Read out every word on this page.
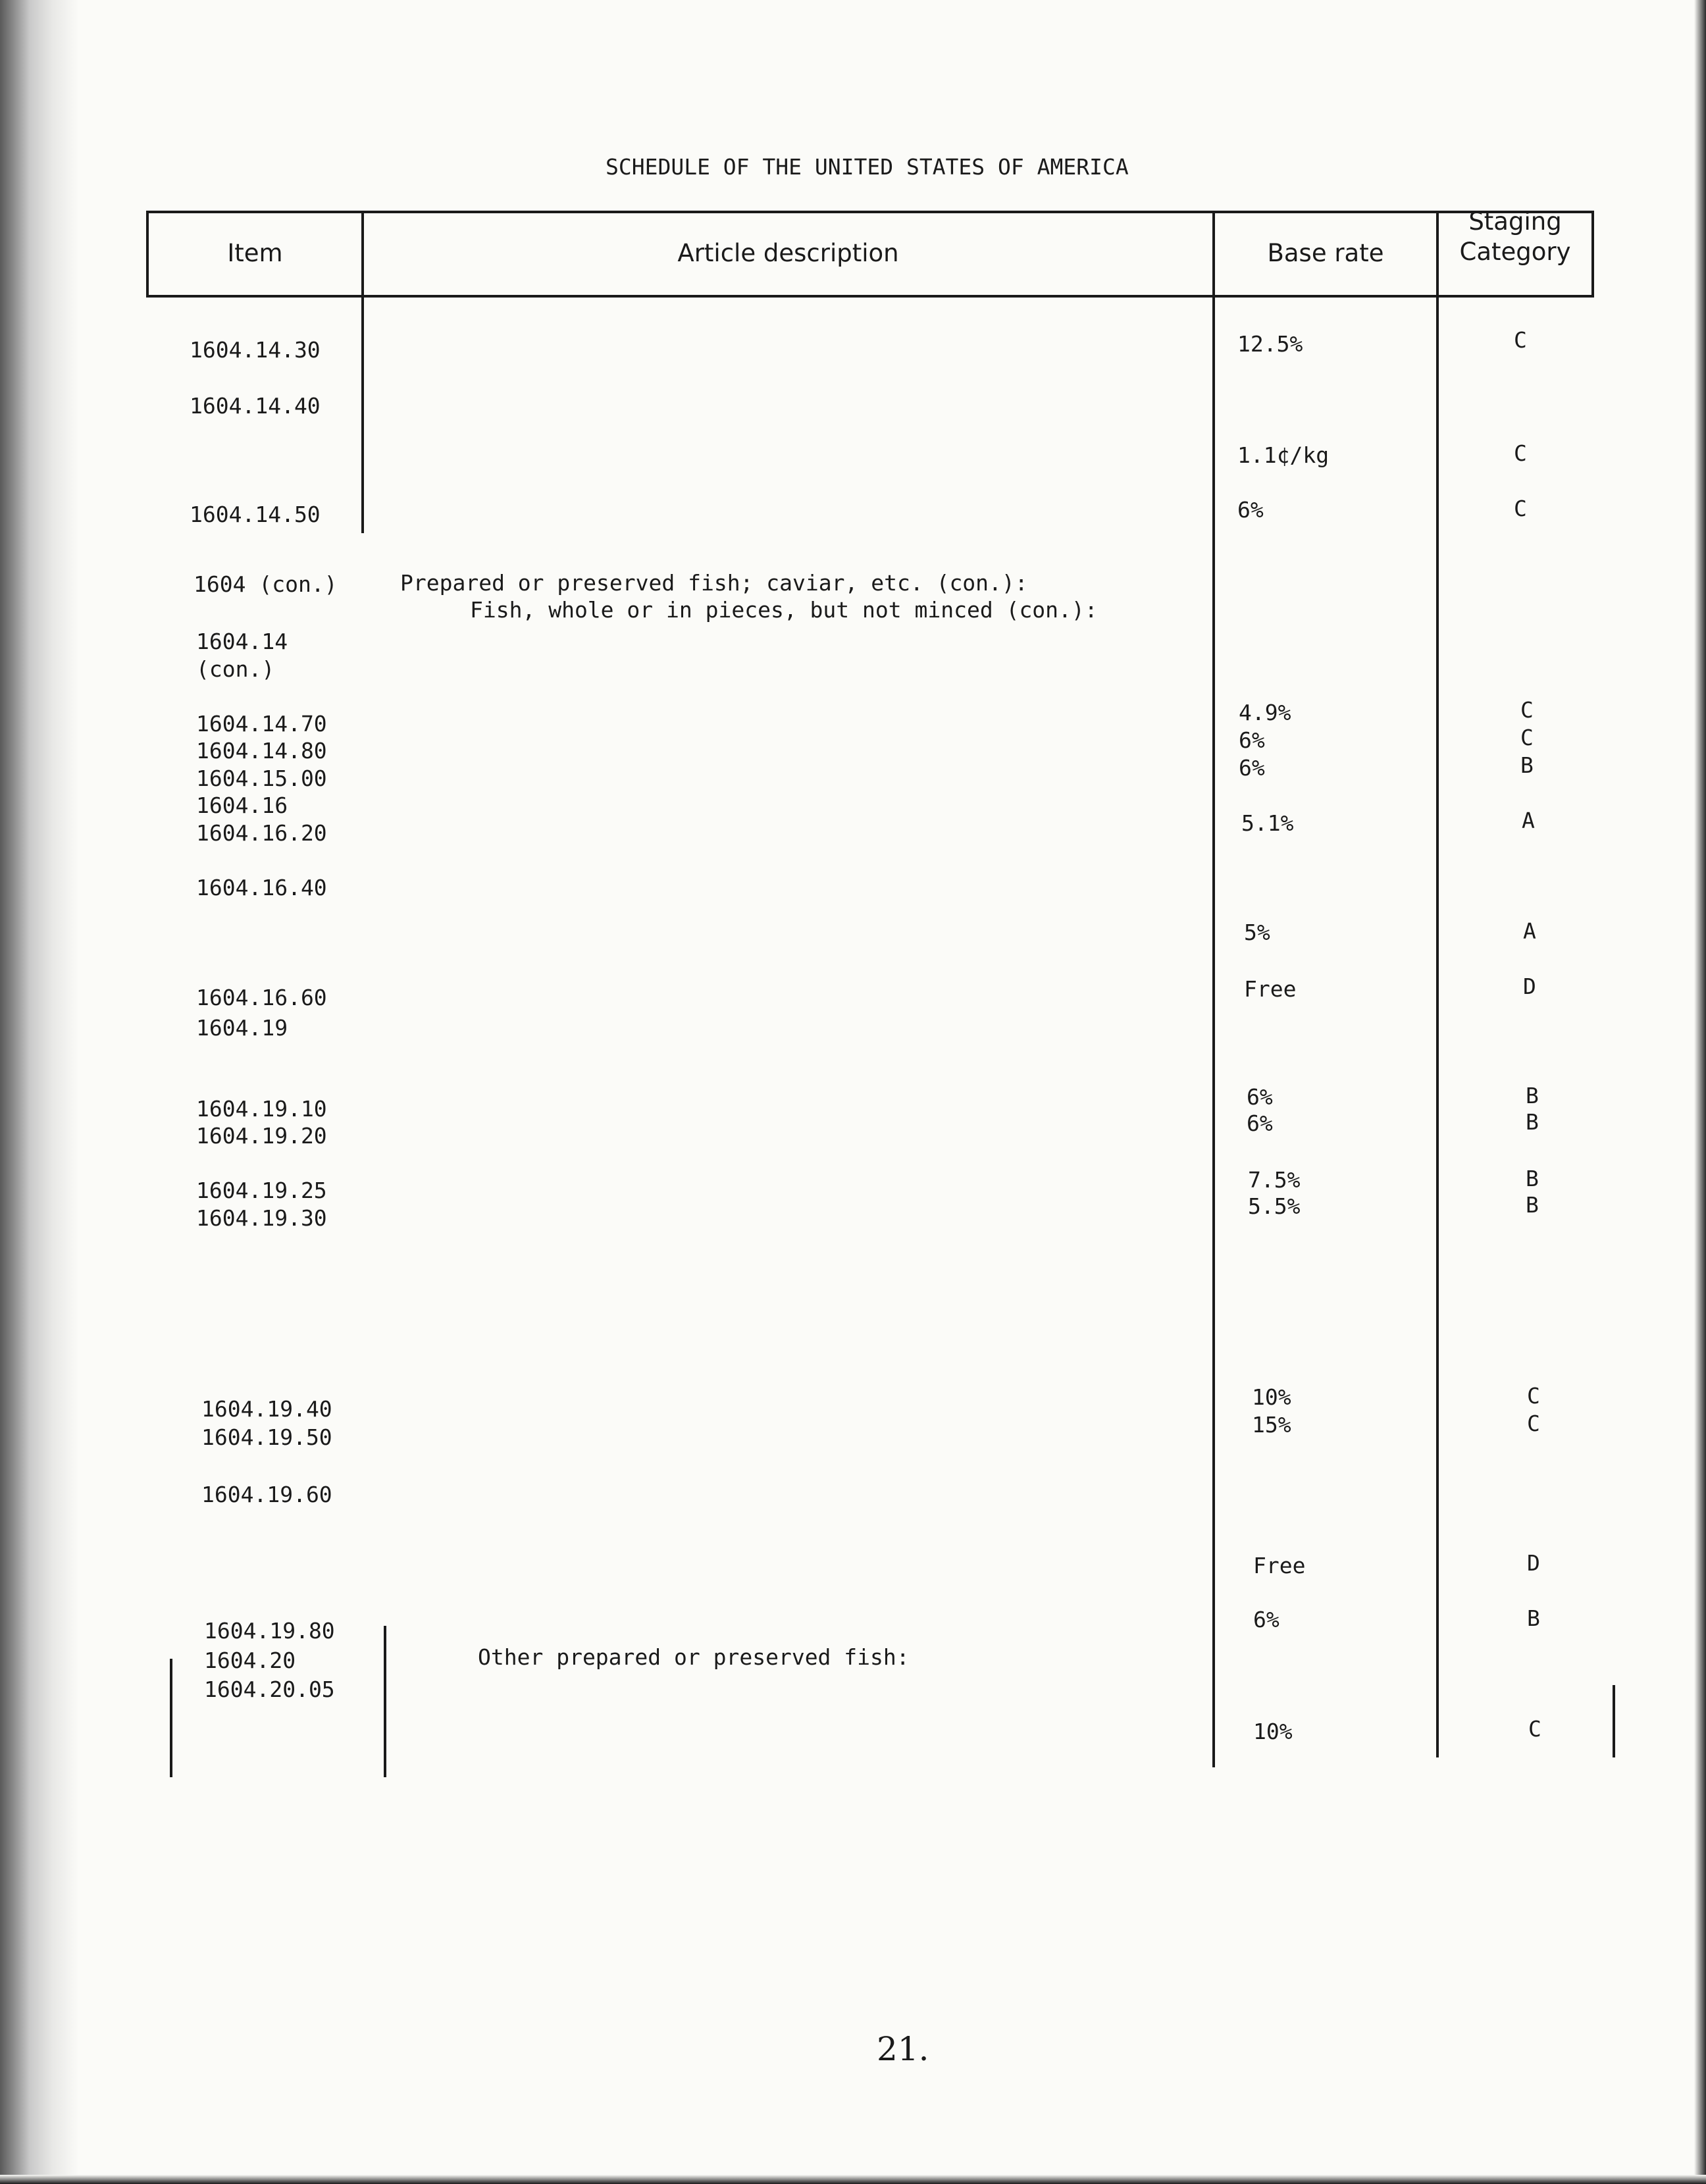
SCHEDULE OF THE UNITED STATES OF AMERICA
Item	Article description	Base rate
Staging
Category
1604.14.30
1604.14.40
1604.14.50
1604 (con.)
1604.14
(con.)
1604.14.70
1604.14.80
1604.15.00
1604.16
1604.16.20
1604.16.40
1604.16.60
1604.19
1604.19.10
1604.19.20
1604.19.25
1604.19.30
1604.19.40
1604.19.50
1604.19.60
1604.19.80
1604.20
1604.20.05
Prepared or preserved fish; caviar, etc. (con.):
Fish, whole or in pieces, but not minced (con.):
Other prepared or preserved fish:
12.5%
1.1¢/kg
6%
4.9%
6%
6%
5.1%
5%
Free
6%
6%
7.5%
5.5%
10%
15%
Free
6%
10%
C
C
C
C
C
B
A
A
D
B
B
B
B
C
C
D
B
C
21.
